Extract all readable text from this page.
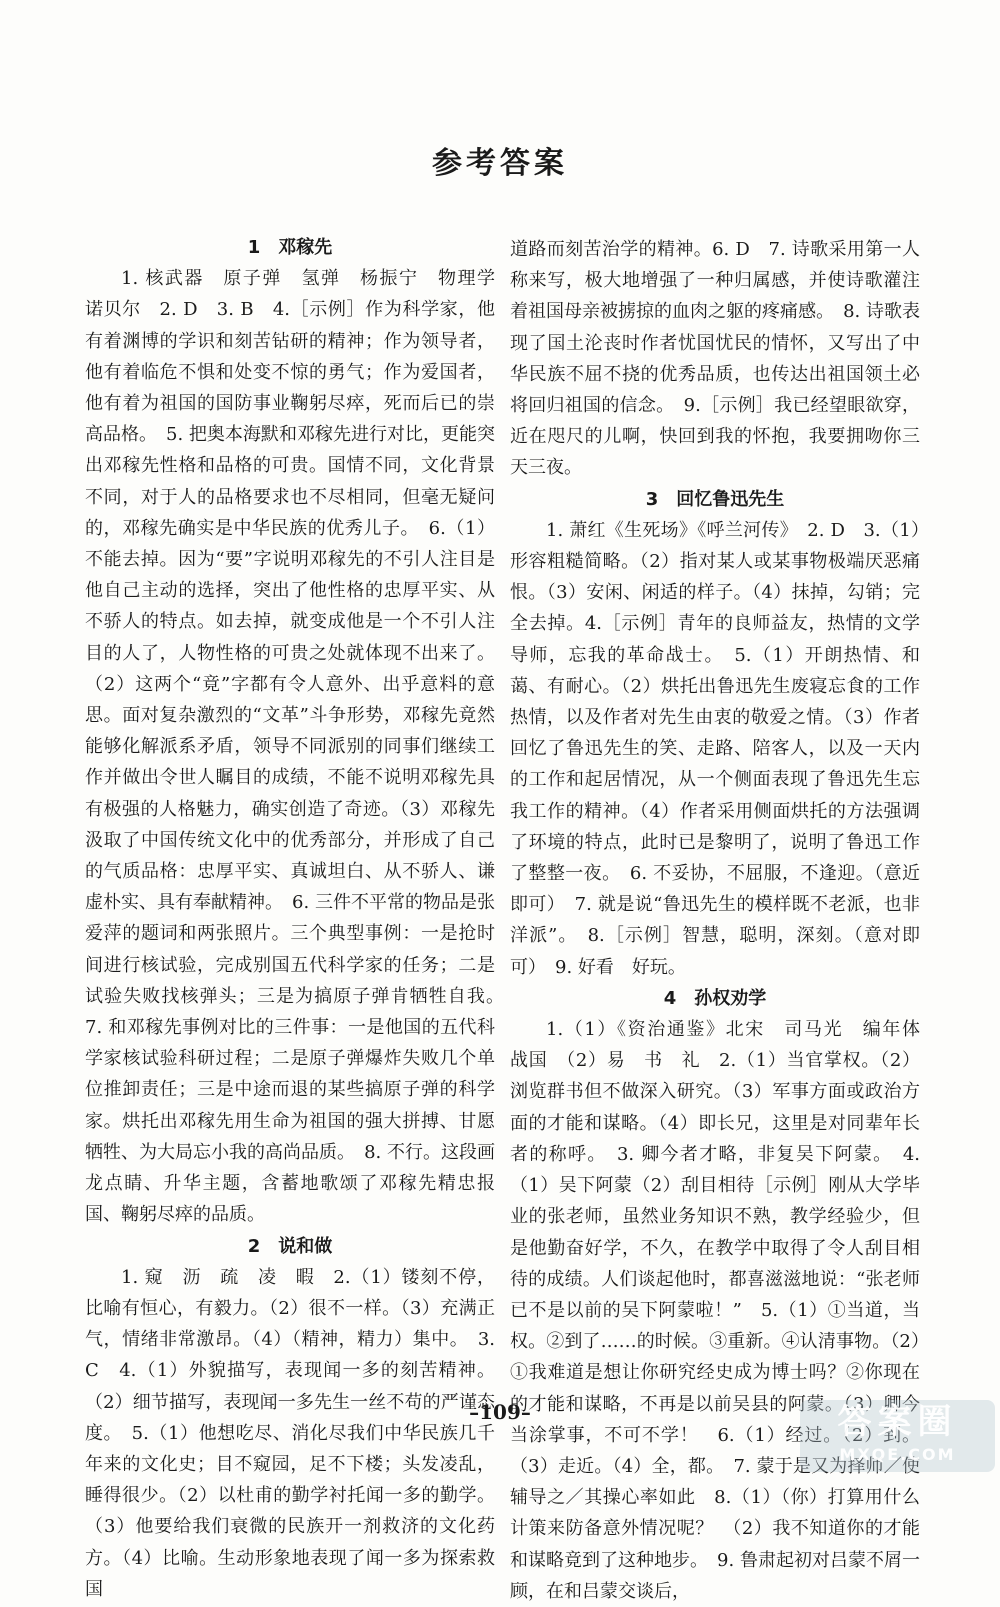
参考答案
1　邓稼先

1. 核武器　原子弹　氢弹　杨振宁　物理学　诺贝尔　2. D　3. B　4.［示例］作为科学家，他有着渊博的学识和刻苦钻研的精神；作为领导者，他有着临危不惧和处变不惊的勇气；作为爱国者，他有着为祖国的国防事业鞠躬尽瘁，死而后已的崇高品格。　5. 把奥本海默和邓稼先进行对比，更能突出邓稼先性格和品格的可贵。国情不同，文化背景不同，对于人的品格要求也不尽相同，但毫无疑问的，邓稼先确实是中华民族的优秀儿子。　6.（1）不能去掉。因为“要”字说明邓稼先的不引人注目是他自己主动的选择，突出了他性格的忠厚平实、从不骄人的特点。如去掉，就变成他是一个不引人注目的人了，人物性格的可贵之处就体现不出来了。（2）这两个“竟”字都有令人意外、出乎意料的意思。面对复杂激烈的“文革”斗争形势，邓稼先竟然能够化解派系矛盾，领导不同派别的同事们继续工作并做出令世人瞩目的成绩，不能不说明邓稼先具有极强的人格魅力，确实创造了奇迹。（3）邓稼先汲取了中国传统文化中的优秀部分，并形成了自己的气质品格：忠厚平实、真诚坦白、从不骄人、谦虚朴实、具有奉献精神。　6. 三件不平常的物品是张爱萍的题词和两张照片。三个典型事例：一是抢时间进行核试验，完成别国五代科学家的任务；二是试验失败找核弹头；三是为搞原子弹肯牺牲自我。　7. 和邓稼先事例对比的三件事：一是他国的五代科学家核试验科研过程；二是原子弹爆炸失败几个单位推卸责任；三是中途而退的某些搞原子弹的科学家。烘托出邓稼先用生命为祖国的强大拼搏、甘愿牺牲、为大局忘小我的高尚品质。　8. 不行。这段画龙点睛、升华主题，含蓄地歌颂了邓稼先精忠报国、鞠躬尽瘁的品质。

2　说和做

1. 窥　沥　疏　凌　暇　2.（1）镂刻不停，比喻有恒心，有毅力。（2）很不一样。（3）充满正气，情绪非常激昂。（4）（精神，精力）集中。　3. C　4.（1）外貌描写，表现闻一多的刻苦精神。（2）细节描写，表现闻一多先生一丝不苟的严谨态度。　5.（1）他想吃尽、消化尽我们中华民族几千年来的文化史；目不窥园，足不下楼；头发凌乱，睡得很少。（2）以杜甫的勤学衬托闻一多的勤学。（3）他要给我们衰微的民族开一剂救济的文化药方。（4）比喻。生动形象地表现了闻一多为探索救国

道路而刻苦治学的精神。6. D　7. 诗歌采用第一人称来写，极大地增强了一种归属感，并使诗歌灌注着祖国母亲被掳掠的血肉之躯的疼痛感。　8. 诗歌表现了国土沦丧时作者忧国忧民的情怀，又写出了中华民族不屈不挠的优秀品质，也传达出祖国领土必将回归祖国的信念。　9.［示例］我已经望眼欲穿，近在咫尺的儿啊，快回到我的怀抱，我要拥吻你三天三夜。

3　回忆鲁迅先生

1. 萧红《生死场》《呼兰河传》　2. D　3.（1）形容粗糙简略。（2）指对某人或某事物极端厌恶痛恨。（3）安闲、闲适的样子。（4）抹掉，勾销；完全去掉。4.［示例］青年的良师益友，热情的文学导师，忘我的革命战士。　5.（1）开朗热情、和蔼、有耐心。（2）烘托出鲁迅先生废寝忘食的工作热情，以及作者对先生由衷的敬爱之情。（3）作者回忆了鲁迅先生的笑、走路、陪客人，以及一天内的工作和起居情况，从一个侧面表现了鲁迅先生忘我工作的精神。（4）作者采用侧面烘托的方法强调了环境的特点，此时已是黎明了，说明了鲁迅工作了整整一夜。　6. 不妥协，不屈服，不逢迎。（意近即可）　7. 就是说“鲁迅先生的模样既不老派，也非洋派”。　8.［示例］智慧，聪明，深刻。（意对即可）　9. 好看　好玩。

4　孙权劝学

1.（1）《资治通鉴》北宋　司马光　编年体　战国　（2）易　书　礼　2.（1）当官掌权。（2）浏览群书但不做深入研究。（3）军事方面或政治方面的才能和谋略。（4）即长兄，这里是对同辈年长者的称呼。　3. 卿今者才略，非复吴下阿蒙。　4.（1）吴下阿蒙（2）刮目相待［示例］刚从大学毕业的张老师，虽然业务知识不熟，教学经验少，但是他勤奋好学，不久，在教学中取得了令人刮目相待的成绩。人们谈起他时，都喜滋滋地说：“张老师已不是以前的吴下阿蒙啦！”　5.（1）①当道，当权。②到了……的时候。③重新。④认清事物。（2）①我难道是想让你研究经史成为博士吗？②你现在的才能和谋略，不再是以前吴县的阿蒙。（3）卿今当涂掌事，不可不学！　6.（1）经过。（2）到。（3）走近。（4）全，都。　7. 蒙于是又为择师／使辅导之／其操心率如此　8.（1）（你）打算用什么计策来防备意外情况呢？　（2）我不知道你的才能和谋略竟到了这种地步。　9. 鲁肃起初对吕蒙不屑一顾，在和吕蒙交谈后，

–109–	答案圈
MXQE.COM
